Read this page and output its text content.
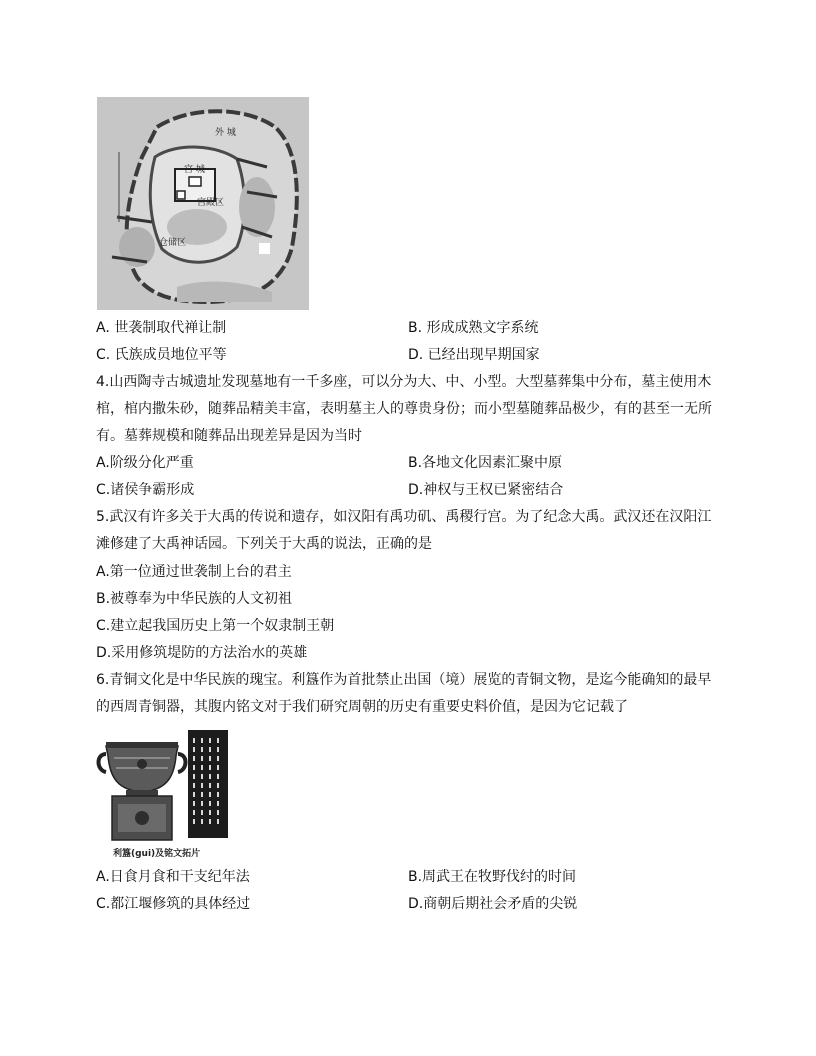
外 城
宫 城
宫殿区
仓储区
A. 世袭制取代禅让制	B. 形成成熟文字系统
C. 氏族成员地位平等	D. 已经出现早期国家
4.山西陶寺古城遗址发现墓地有一千多座，可以分为大、中、小型。大型墓葬集中分布，墓主使用木
棺，棺内撒朱砂，随葬品精美丰富，表明墓主人的尊贵身份；而小型墓随葬品极少，有的甚至一无所
有。墓葬规模和随葬品出现差异是因为当时
A.阶级分化严重	B.各地文化因素汇聚中原
C.诸侯争霸形成	D.神权与王权已紧密结合
5.武汉有许多关于大禹的传说和遗存，如汉阳有禹功矶、禹稷行宫。为了纪念大禹。武汉还在汉阳江
滩修建了大禹神话园。下列关于大禹的说法，正确的是
A.第一位通过世袭制上台的君主
B.被尊奉为中华民族的人文初祖
C.建立起我国历史上第一个奴隶制王朝
D.采用修筑堤防的方法治水的英雄
6.青铜文化是中华民族的瑰宝。利簋作为首批禁止出国（境）展览的青铜文物，是迄今能确知的最早
的西周青铜器，其腹内铭文对于我们研究周朝的历史有重要史料价值，是因为它记载了
利簋(gui)及铭文拓片
A.日食月食和干支纪年法	B.周武王在牧野伐纣的时间
C.都江堰修筑的具体经过	D.商朝后期社会矛盾的尖锐
